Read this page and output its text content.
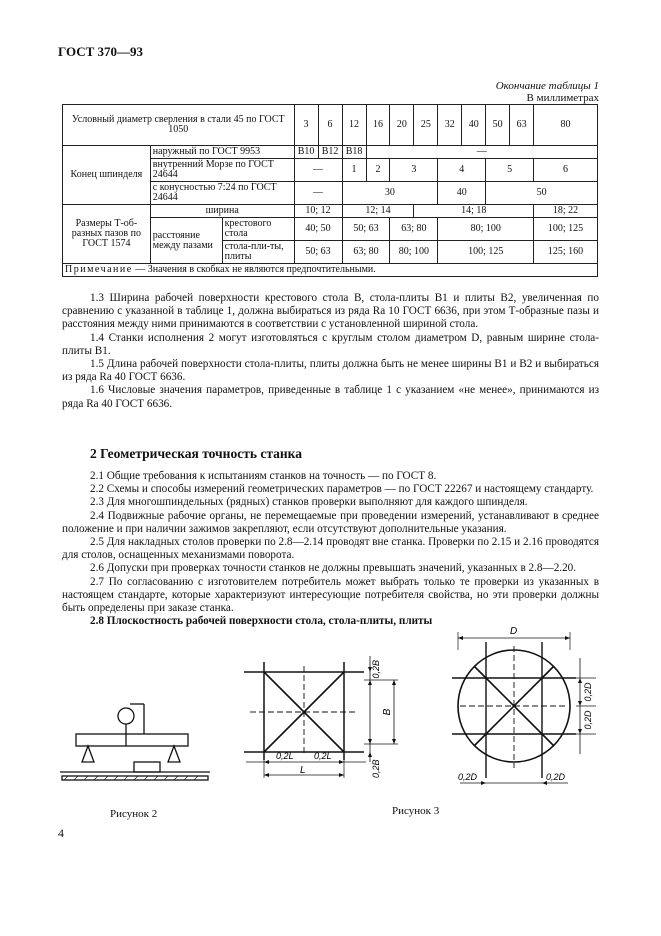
ГОСТ 370—93
Окончание таблицы 1
В миллиметрах
Условный диаметр сверления в стали 45 по ГОСТ 1050			3	6	12	16	20	25	32	40	50	63	80
Конец шпинделя	наружный по ГОСТ 9953		B10	B12	B18	—							
	внутренний Морзе по ГОСТ 24644		—		1	2	3		4		5		6
	с конусностью 7:24 по ГОСТ 24644		—		30				40		50		
Размеры Т-об-разных пазов по ГОСТ 1574	ширина		10; 12		12; 14			14; 18					18; 22
	расстояние между пазами	крестового стола	40; 50		50; 63		63; 80		80; 100				100; 125
		стола-пли-ты, плиты	50; 63		63; 80		80; 100		100; 125				125; 160
Примечание — Значения в скобках не являются предпочтительными.													

1.3 Ширина рабочей поверхности крестового стола B, стола-плиты B1 и плиты B2, увеличенная по сравнению с указанной в таблице 1, должна выбираться из ряда Ra 10 ГОСТ 6636, при этом Т-образные пазы и расстояния между ними принимаются в соответствии с установленной шириной стола.

1.4 Станки исполнения 2 могут изготовляться с круглым столом диаметром D, равным ширине стола-плиты B1.

1.5 Длина рабочей поверхности стола-плиты, плиты должна быть не менее ширины B1 и B2 и выбираться из ряда Ra 40 ГОСТ 6636.

1.6 Числовые значения параметров, приведенные в таблице 1 с указанием «не менее», принимаются из ряда Ra 40 ГОСТ 6636.

2 Геометрическая точность станка

2.1 Общие требования к испытаниям станков на точность — по ГОСТ 8.

2.2 Схемы и способы измерений геометрических параметров — по ГОСТ 22267 и настоящему стандарту.

2.3 Для многошпиндельных (рядных) станков проверки выполняют для каждого шпинделя.

2.4 Подвижные рабочие органы, не перемещаемые при проведении измерений, устанавливают в среднее положение и при наличии зажимов закрепляют, если отсутствуют дополнительные указания.

2.5 Для накладных столов проверки по 2.8—2.14 проводят вне станка. Проверки по 2.15 и 2.16 проводятся для столов, оснащенных механизмами поворота.

2.6 Допуски при проверках точности станков не должны превышать значений, указанных в 2.8—2.20.

2.7 По согласованию с изготовителем потребитель может выбрать только те проверки из указанных в настоящем стандарте, которые характеризуют интересующие потребителя свойства, но эти проверки должны быть определены при заказе станка.

2.8 Плоскостность рабочей поверхности стола, стола-плиты, плиты

0,2B
B
0,2B
0,2L 0,2L
L
D
0,2D
0,2D
0,2D	0,2D
Рисунок 2	Рисунок 3
4
